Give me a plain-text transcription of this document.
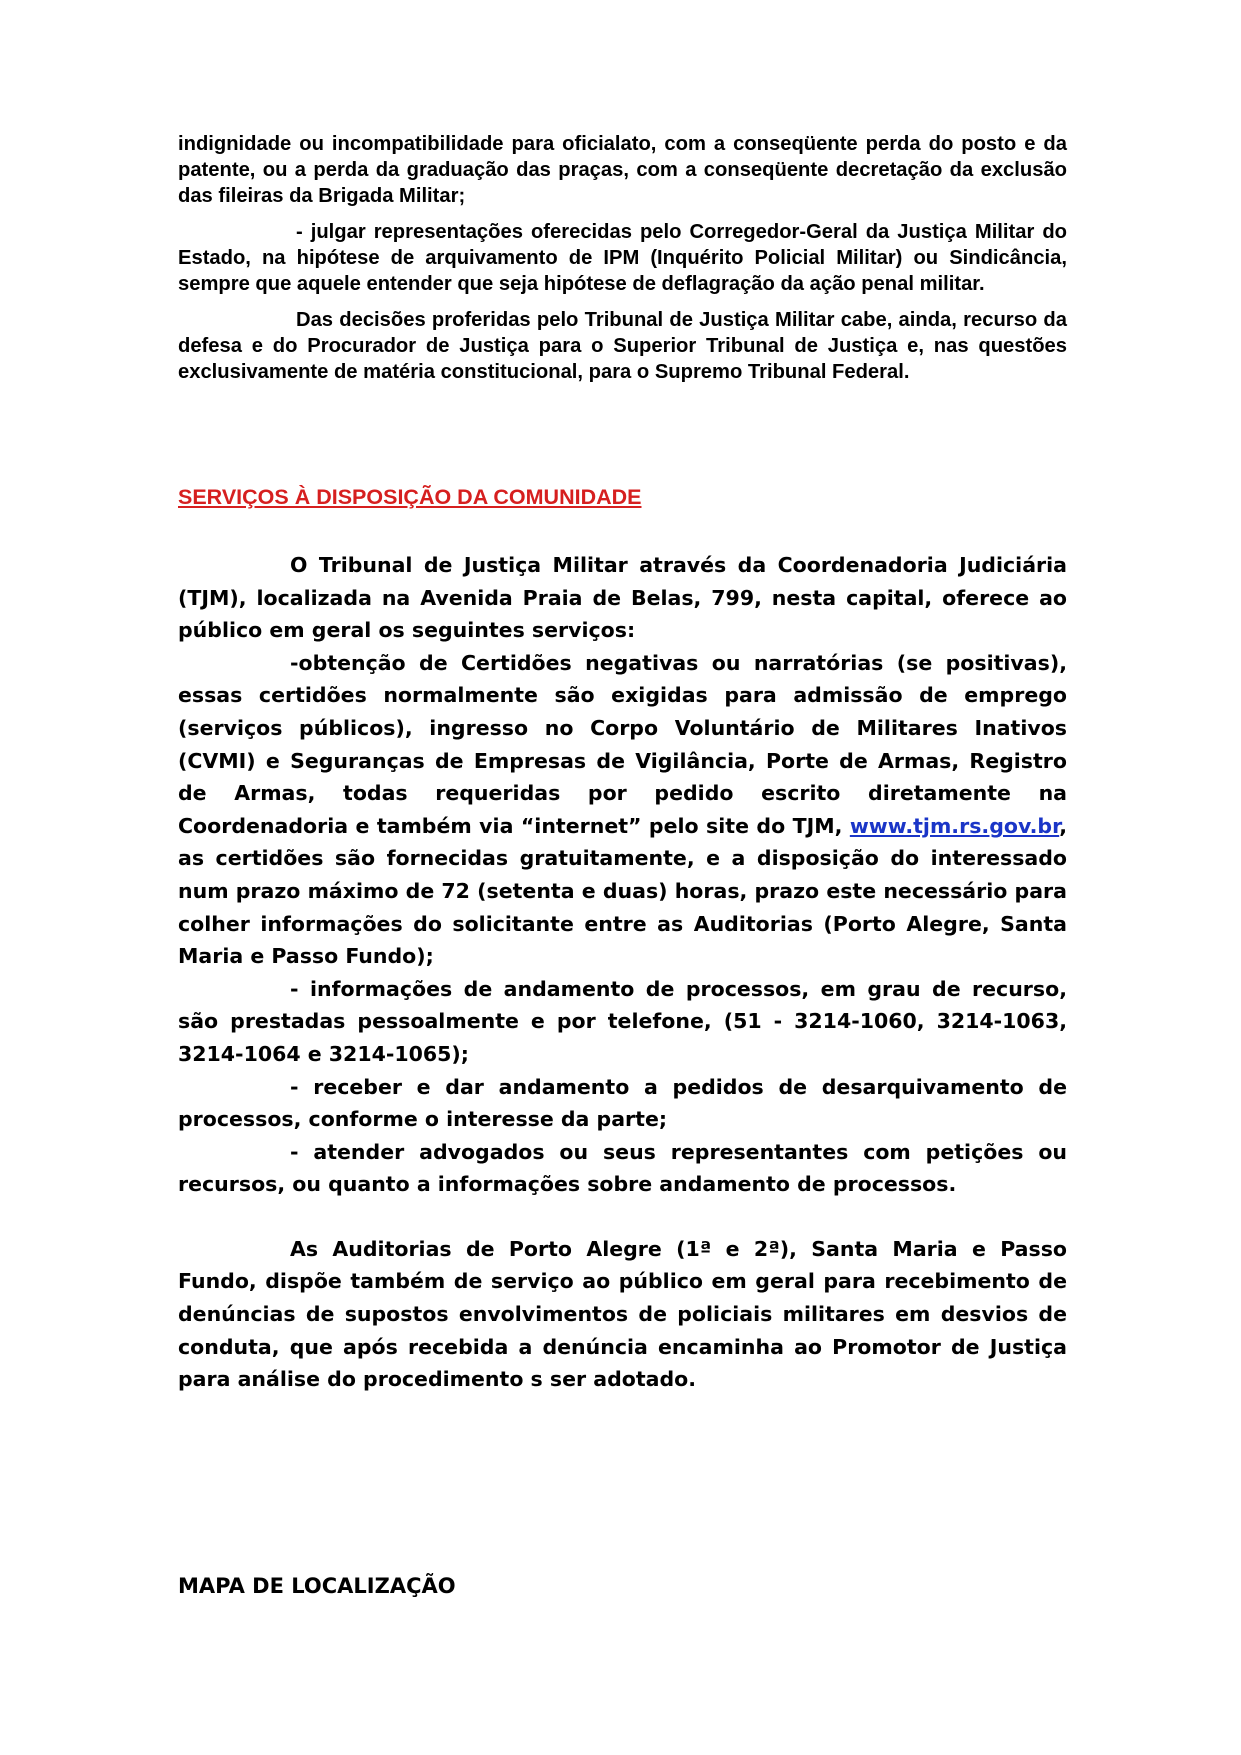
indignidade ou incompatibilidade para oficialato, com a conseqüente perda do posto e da patente, ou a perda da graduação das praças, com a conseqüente decretação da exclusão das fileiras da Brigada Militar;

- julgar representações oferecidas pelo Corregedor-Geral da Justiça Militar do Estado, na hipótese de arquivamento de IPM (Inquérito Policial Militar) ou Sindicância, sempre que aquele entender que seja hipótese de deflagração da ação penal militar.

Das decisões proferidas pelo Tribunal de Justiça Militar cabe, ainda, recurso da defesa e do Procurador de Justiça para o Superior Tribunal de Justiça e, nas questões exclusivamente de matéria constitucional, para o Supremo Tribunal Federal.

SERVIÇOS À DISPOSIÇÃO DA COMUNIDADE

O Tribunal de Justiça Militar através da Coordenadoria Judiciária (TJM), localizada na Avenida Praia de Belas, 799, nesta capital, oferece ao público em geral os seguintes serviços:

-obtenção de Certidões negativas ou narratórias (se positivas), essas certidões normalmente são exigidas para admissão de emprego (serviços públicos), ingresso no Corpo Voluntário de Militares Inativos (CVMI) e Seguranças de Empresas de Vigilância, Porte de Armas, Registro de Armas, todas requeridas por pedido escrito diretamente na Coordenadoria e também via “internet” pelo site do TJM, www.tjm.rs.gov.br, as certidões são fornecidas gratuitamente, e a disposição do interessado num prazo máximo de 72 (setenta e duas) horas, prazo este necessário para colher informações do solicitante entre as Auditorias (Porto Alegre, Santa Maria e Passo Fundo);

- informações de andamento de processos, em grau de recurso, são prestadas pessoalmente e por telefone, (51 - 3214-1060, 3214-1063, 3214-1064 e 3214-1065);

- receber e dar andamento a pedidos de desarquivamento de processos, conforme o interesse da parte;

- atender advogados ou seus representantes com petições ou recursos, ou quanto a informações sobre andamento de processos.

As Auditorias de Porto Alegre (1ª e 2ª), Santa Maria e Passo Fundo, dispõe também de serviço ao público em geral para recebimento de denúncias de supostos envolvimentos de policiais militares em desvios de conduta, que após recebida a denúncia encaminha ao Promotor de Justiça para análise do procedimento s ser adotado.

MAPA DE LOCALIZAÇÃO
